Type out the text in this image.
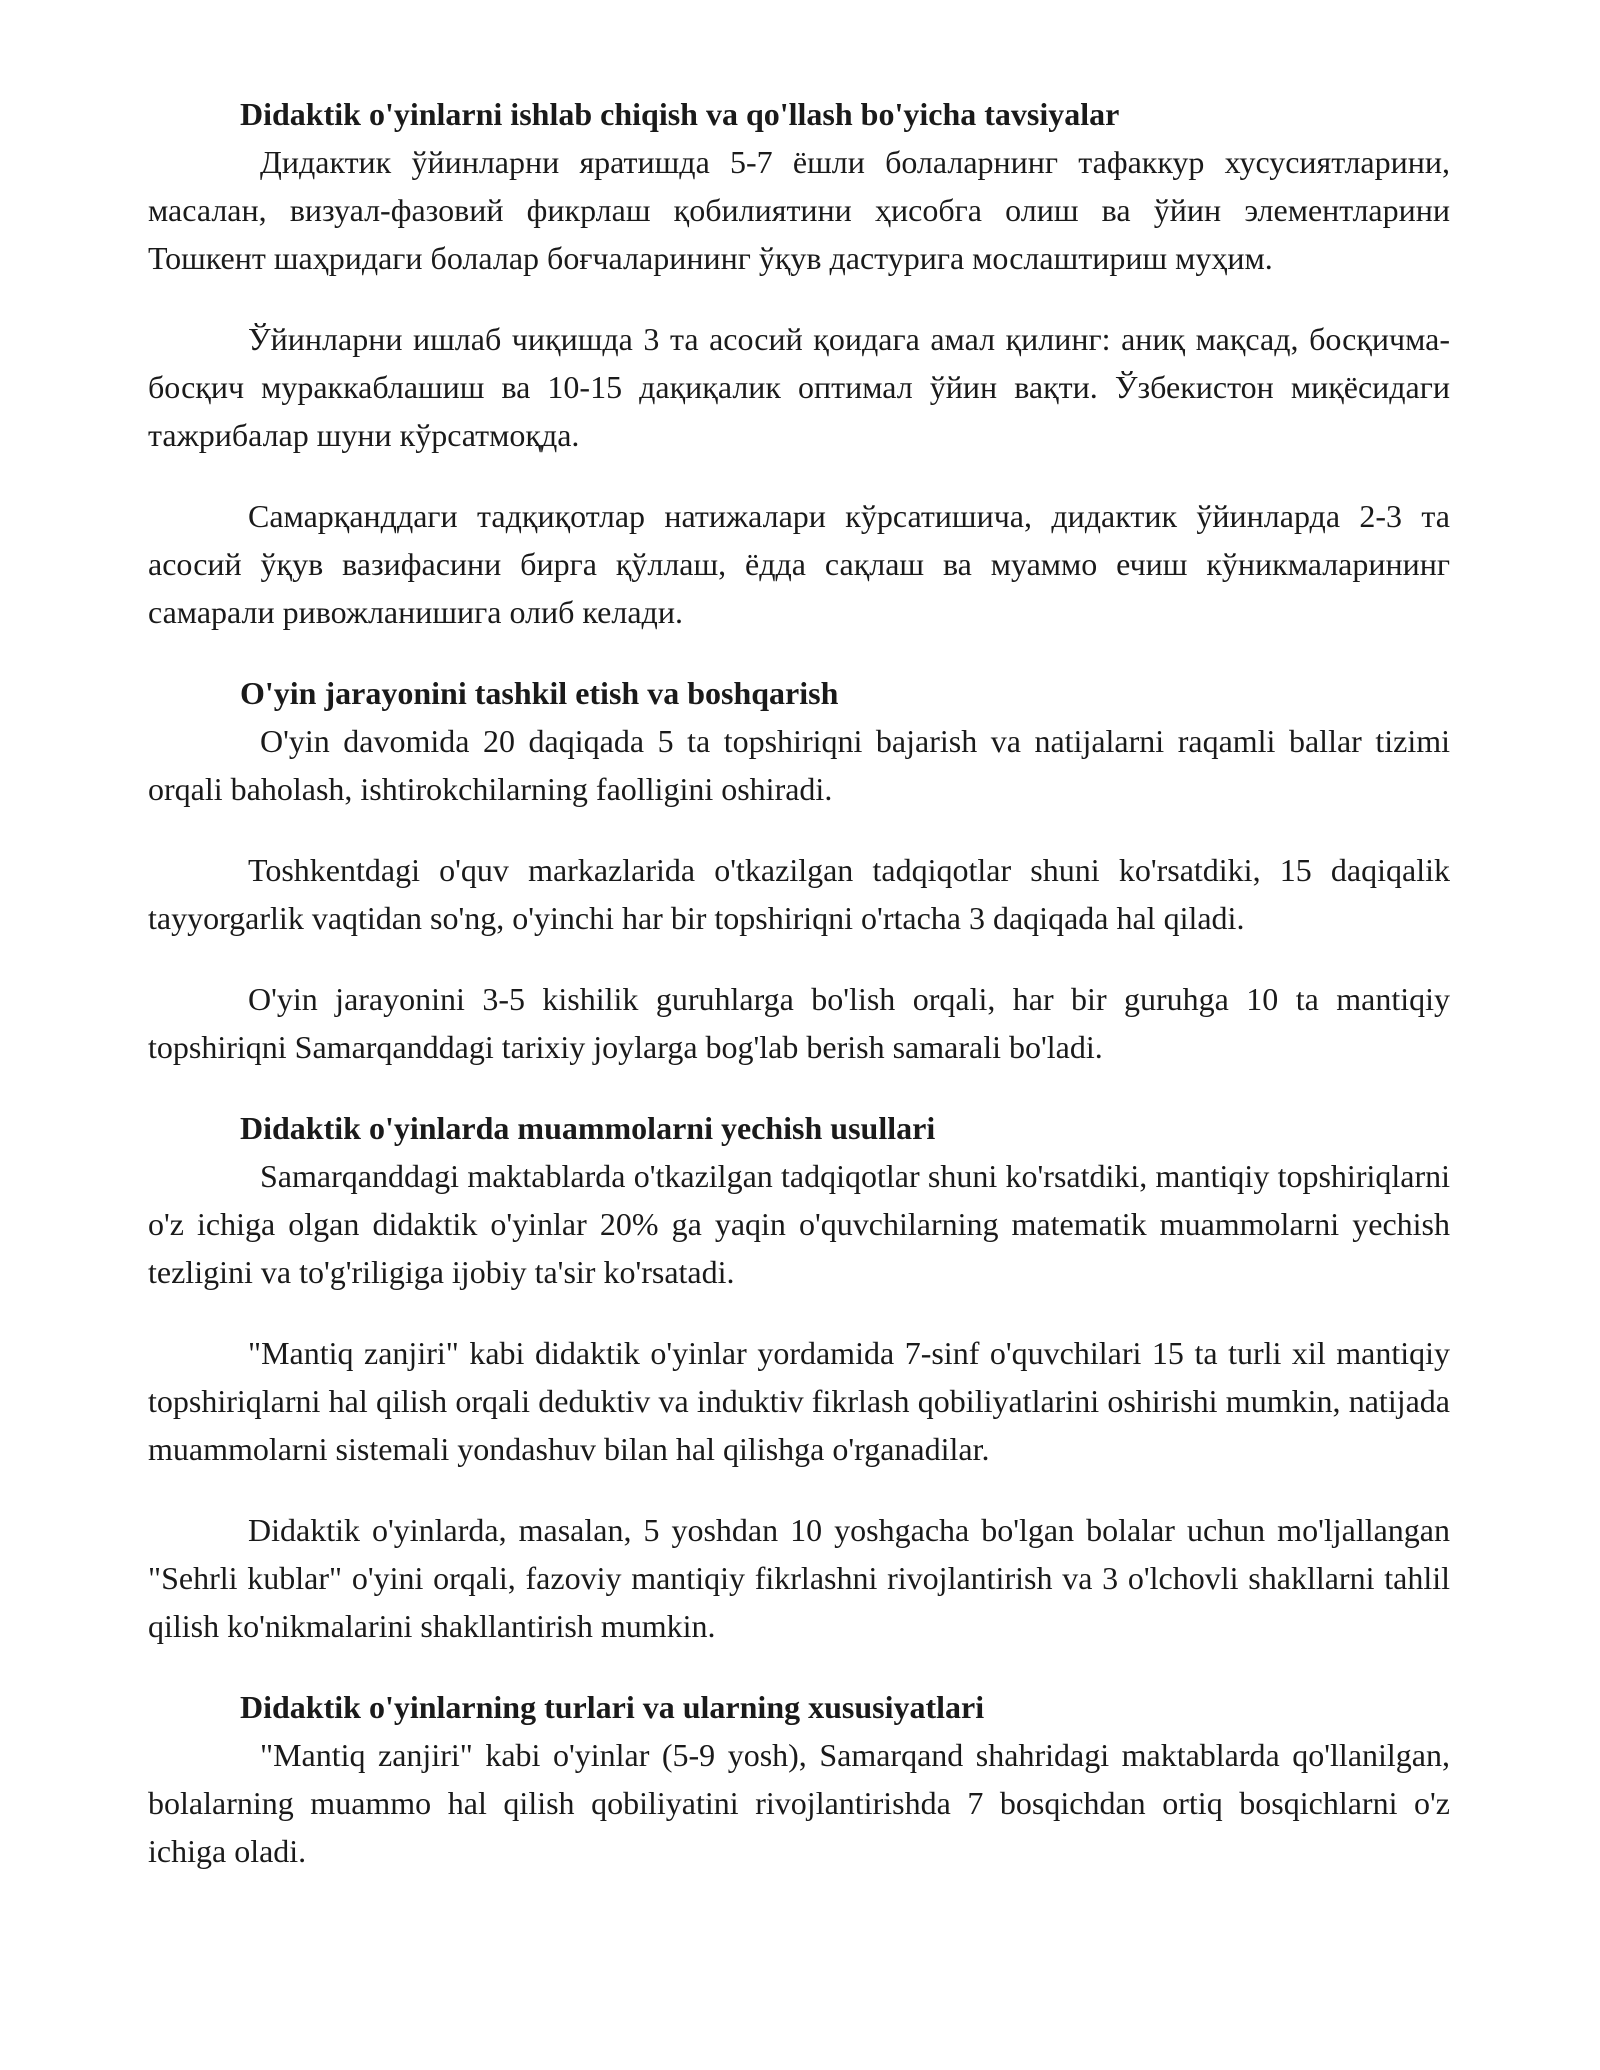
Didaktik o'yinlarni ishlab chiqish va qo'llash bo'yicha tavsiyalar

Дидактик ўйинларни яратишда 5-7 ёшли болаларнинг тафаккур хусусиятларини, масалан, визуал-фазовий фикрлаш қобилиятини ҳисобга олиш ва ўйин элементларини Тошкент шаҳридаги болалар боғчаларининг ўқув дастурига мослаштириш муҳим.

Ўйинларни ишлаб чиқишда 3 та асосий қоидага амал қилинг: аниқ мақсад, босқичма-босқич мураккаблашиш ва 10-15 дақиқалик оптимал ўйин вақти. Ўзбекистон миқёсидаги тажрибалар шуни кўрсатмоқда.

Самарқанддаги тадқиқотлар натижалари кўрсатишича, дидактик ўйинларда 2-3 та асосий ўқув вазифасини бирга қўллаш, ёдда сақлаш ва муаммо ечиш кўникмаларининг самарали ривожланишига олиб келади.

O'yin jarayonini tashkil etish va boshqarish

O'yin davomida 20 daqiqada 5 ta topshiriqni bajarish va natijalarni raqamli ballar tizimi orqali baholash, ishtirokchilarning faolligini oshiradi.

Toshkentdagi o'quv markazlarida o'tkazilgan tadqiqotlar shuni ko'rsatdiki, 15 daqiqalik tayyorgarlik vaqtidan so'ng, o'yinchi har bir topshiriqni o'rtacha 3 daqiqada hal qiladi.

O'yin jarayonini 3-5 kishilik guruhlarga bo'lish orqali, har bir guruhga 10 ta mantiqiy topshiriqni Samarqanddagi tarixiy joylarga bog'lab berish samarali bo'ladi.

Didaktik o'yinlarda muammolarni yechish usullari

Samarqanddagi maktablarda o'tkazilgan tadqiqotlar shuni ko'rsatdiki, mantiqiy topshiriqlarni o'z ichiga olgan didaktik o'yinlar 20% ga yaqin o'quvchilarning matematik muammolarni yechish tezligini va to'g'riligiga ijobiy ta'sir ko'rsatadi.

"Mantiq zanjiri" kabi didaktik o'yinlar yordamida 7-sinf o'quvchilari 15 ta turli xil mantiqiy topshiriqlarni hal qilish orqali deduktiv va induktiv fikrlash qobiliyatlarini oshirishi mumkin, natijada muammolarni sistemali yondashuv bilan hal qilishga o'rganadilar.

Didaktik o'yinlarda, masalan, 5 yoshdan 10 yoshgacha bo'lgan bolalar uchun mo'ljallangan "Sehrli kublar" o'yini orqali, fazoviy mantiqiy fikrlashni rivojlantirish va 3 o'lchovli shakllarni tahlil qilish ko'nikmalarini shakllantirish mumkin.

Didaktik o'yinlarning turlari va ularning xususiyatlari

"Mantiq zanjiri" kabi o'yinlar (5-9 yosh), Samarqand shahridagi maktablarda qo'llanilgan, bolalarning muammo hal qilish qobiliyatini rivojlantirishda 7 bosqichdan ortiq bosqichlarni o'z ichiga oladi.
